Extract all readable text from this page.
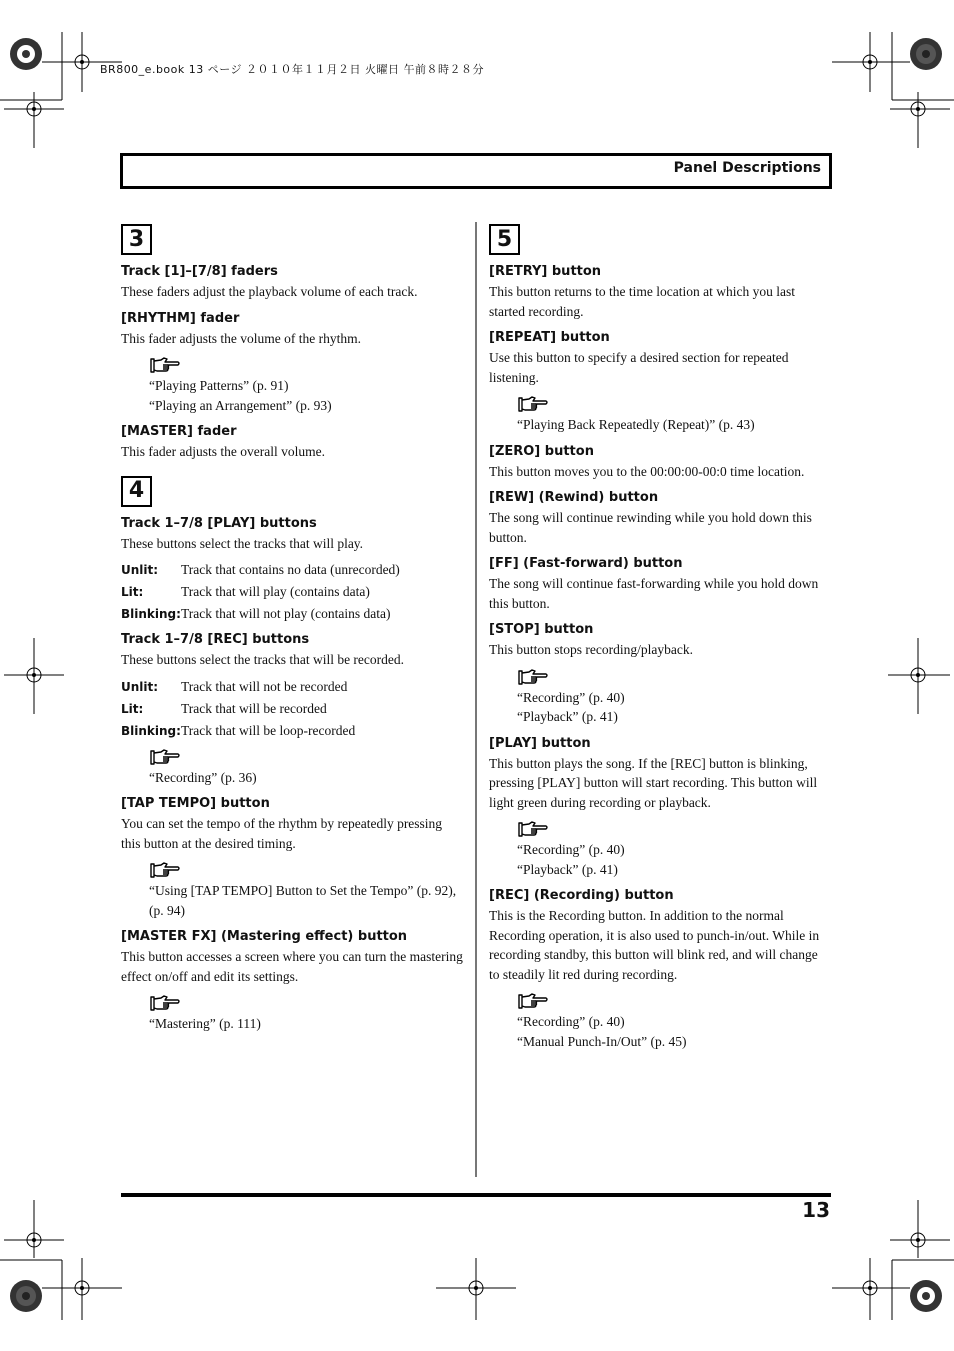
BR800_e.book 13 ページ ２０１０年１１月２日 火曜日 午前８時２８分
Panel Descriptions
3
Track [1]–[7/8] faders
These faders adjust the playback volume of each track.
[RHYTHM] fader
This fader adjusts the volume of the rhythm.
“Playing Patterns” (p. 91)
“Playing an Arrangement” (p. 93)
[MASTER] fader
This fader adjusts the overall volume.
4
Track 1–7/8 [PLAY] buttons
These buttons select the tracks that will play.
Unlit:	Track that contains no data (unrecorded)
Lit:	Track that will play (contains data)
Blinking: Track that will not play (contains data)
Track 1–7/8 [REC] buttons
These buttons select the tracks that will be recorded.
Unlit:	Track that will not be recorded
Lit:	Track that will be recorded
Blinking: Track that will be loop-recorded
“Recording” (p. 36)
[TAP TEMPO] button
You can set the tempo of the rhythm by repeatedly pressing this button at the desired timing.
“Using [TAP TEMPO] Button to Set the Tempo” (p. 92), (p. 94)
[MASTER FX] (Mastering effect) button
This button accesses a screen where you can turn the mastering effect on/off and edit its settings.
“Mastering” (p. 111)
5
[RETRY] button
This button returns to the time location at which you last started recording.
[REPEAT] button
Use this button to specify a desired section for repeated listening.
“Playing Back Repeatedly (Repeat)” (p. 43)
[ZERO] button
This button moves you to the 00:00:00-00:0 time location.
[REW] (Rewind) button
The song will continue rewinding while you hold down this button.
[FF] (Fast-forward) button
The song will continue fast-forwarding while you hold down this button.
[STOP] button
This button stops recording/playback.
“Recording” (p. 40)
“Playback” (p. 41)
[PLAY] button
This button plays the song. If the [REC] button is blinking, pressing [PLAY] button will start recording. This button will light green during recording or playback.
“Recording” (p. 40)
“Playback” (p. 41)
[REC] (Recording) button
This is the Recording button. In addition to the normal Recording operation, it is also used to punch-in/out. While in recording standby, this button will blink red, and will change to steadily lit red during recording.
“Recording” (p. 40)
“Manual Punch-In/Out” (p. 45)
13
